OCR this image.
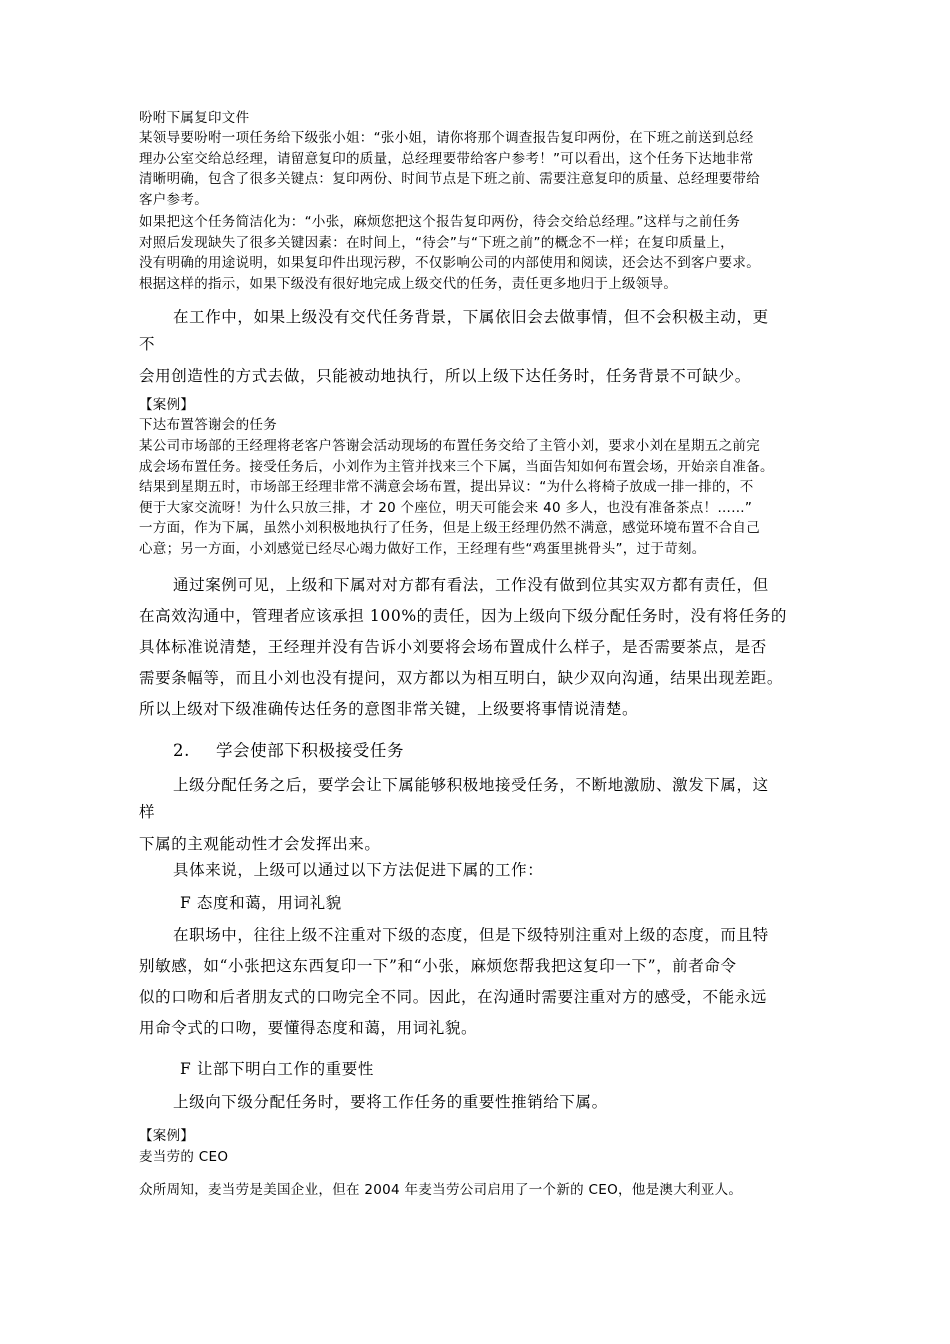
吩咐下属复印文件

某领导要吩咐一项任务给下级张小姐：“张小姐，请你将那个调查报告复印两份，在下班之前送到总经
理办公室交给总经理，请留意复印的质量，总经理要带给客户参考！”可以看出，这个任务下达地非常
清晰明确，包含了很多关键点：复印两份、时间节点是下班之前、需要注意复印的质量、总经理要带给
客户参考。
如果把这个任务简洁化为：“小张，麻烦您把这个报告复印两份，待会交给总经理。”这样与之前任务
对照后发现缺失了很多关键因素：在时间上，“待会”与“下班之前”的概念不一样；在复印质量上，
没有明确的用途说明，如果复印件出现污秽，不仅影响公司的内部使用和阅读，还会达不到客户要求。
根据这样的指示，如果下级没有很好地完成上级交代的任务，责任更多地归于上级领导。
在工作中，如果上级没有交代任务背景，下属依旧会去做事情，但不会积极主动，更
不
会用创造性的方式去做，只能被动地执行，所以上级下达任务时，任务背景不可缺少。

【案例】

下达布置答谢会的任务

某公司市场部的王经理将老客户答谢会活动现场的布置任务交给了主管小刘，要求小刘在星期五之前完
成会场布置任务。接受任务后，小刘作为主管并找来三个下属，当面告知如何布置会场，开始亲自准备。
结果到星期五时，市场部王经理非常不满意会场布置，提出异议：“为什么将椅子放成一排一排的，不
便于大家交流呀！为什么只放三排，才 20 个座位，明天可能会来 40 多人，也没有准备茶点！……”
一方面，作为下属，虽然小刘积极地执行了任务，但是上级王经理仍然不满意，感觉环境布置不合自己
心意；另一方面，小刘感觉已经尽心竭力做好工作，王经理有些“鸡蛋里挑骨头”，过于苛刻。
通过案例可见，上级和下属对对方都有看法，工作没有做到位其实双方都有责任，但
在高效沟通中，管理者应该承担 100%的责任，因为上级向下级分配任务时，没有将任务的
具体标准说清楚，王经理并没有告诉小刘要将会场布置成什么样子，是否需要茶点，是否
需要条幅等，而且小刘也没有提问，双方都以为相互明白，缺少双向沟通，结果出现差距。
所以上级对下级准确传达任务的意图非常关键，上级要将事情说清楚。
2. 学会使部下积极接受任务
上级分配任务之后，要学会让下属能够积极地接受任务，不断地激励、激发下属，这
样
下属的主观能动性才会发挥出来。

具体来说，上级可以通过以下方法促进下属的工作：

F 态度和蔼，用词礼貌

在职场中，往往上级不注重对下级的态度，但是下级特别注重对上级的态度，而且特
别敏感，如“小张把这东西复印一下”和“小张，麻烦您帮我把这复印一下”，前者命令
似的口吻和后者朋友式的口吻完全不同。因此，在沟通时需要注重对方的感受，不能永远
用命令式的口吻，要懂得态度和蔼，用词礼貌。

F 让部下明白工作的重要性

上级向下级分配任务时，要将工作任务的重要性推销给下属。

【案例】

麦当劳的 CEO

众所周知，麦当劳是美国企业，但在 2004 年麦当劳公司启用了一个新的 CEO，他是澳大利亚人。
